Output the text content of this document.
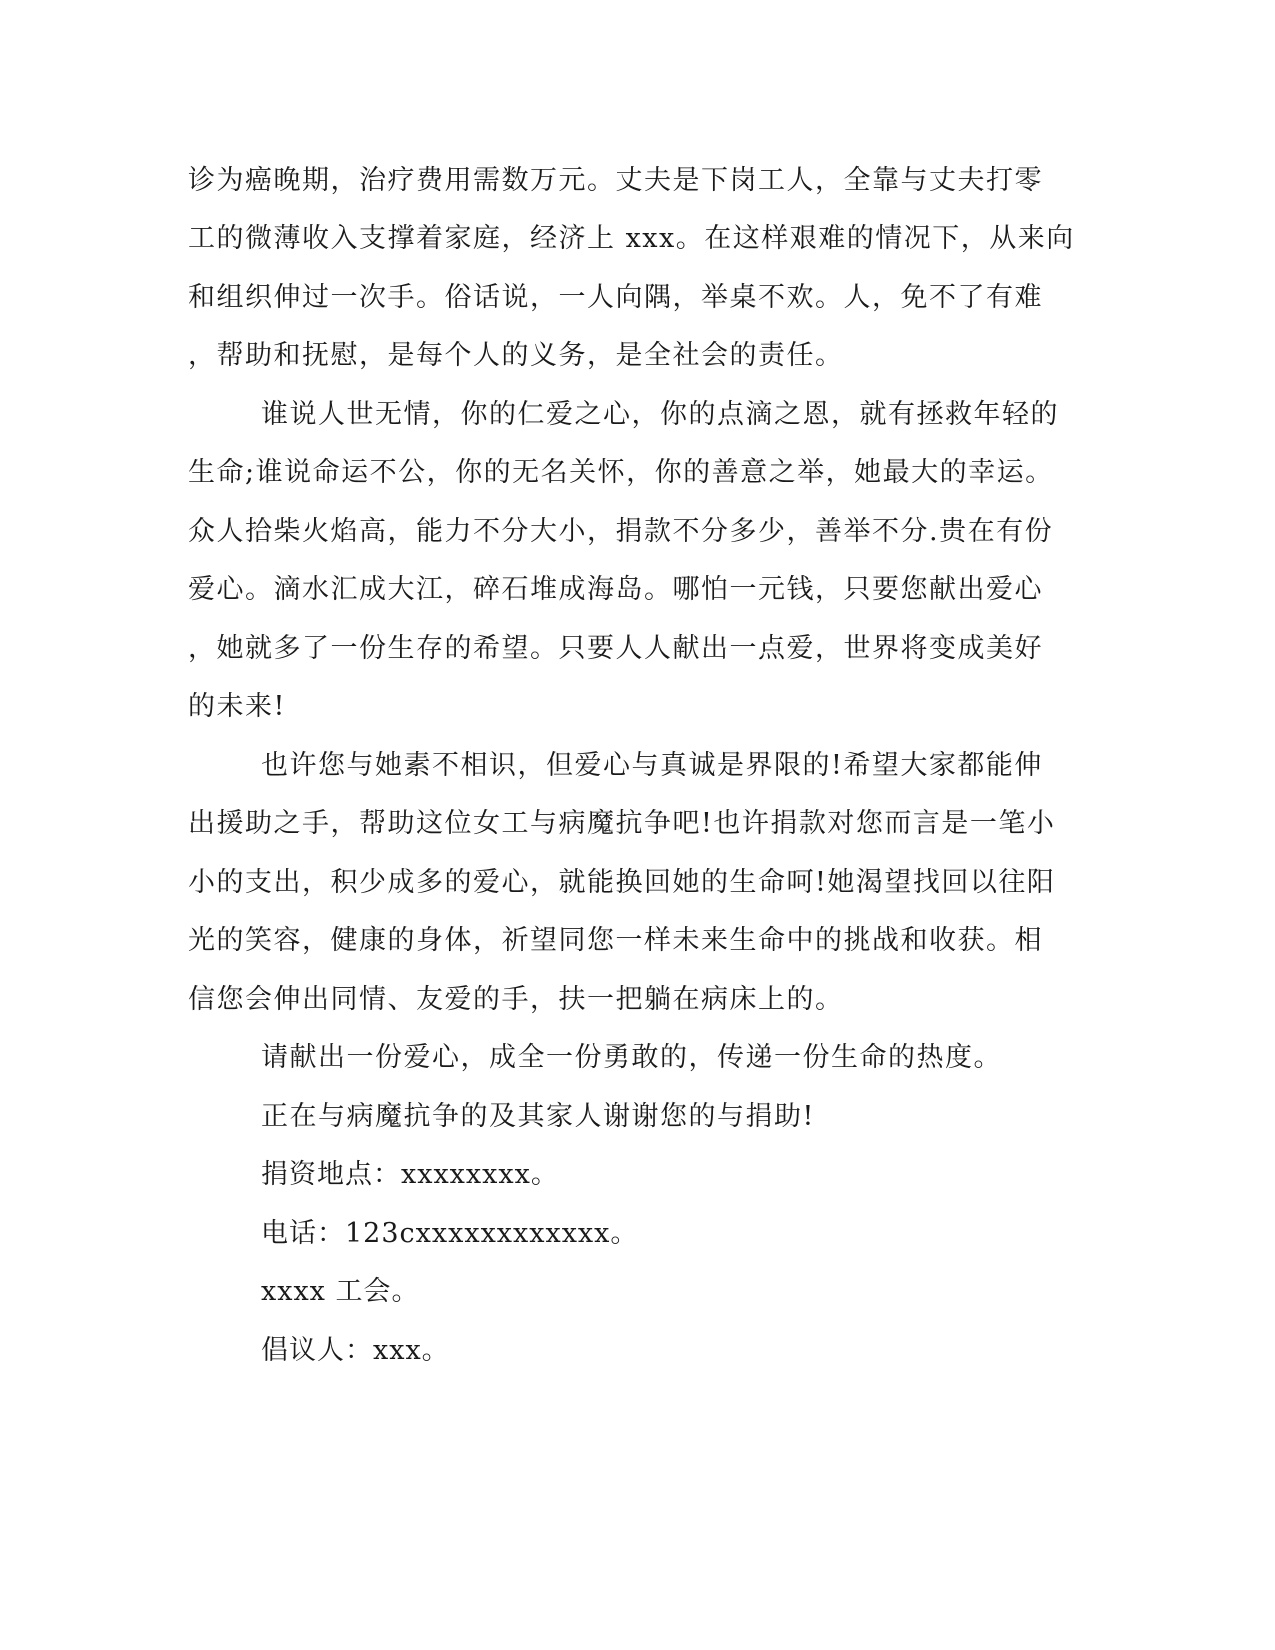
诊为癌晚期，治疗费用需数万元。丈夫是下岗工人，全靠与丈夫打零
工的微薄收入支撑着家庭，经济上 xxx。在这样艰难的情况下，从来向
和组织伸过一次手。俗话说，一人向隅，举桌不欢。人，免不了有难
，帮助和抚慰，是每个人的义务，是全社会的责任。
谁说人世无情，你的仁爱之心，你的点滴之恩，就有拯救年轻的
生命;谁说命运不公，你的无名关怀，你的善意之举，她最大的幸运。
众人拾柴火焰高，能力不分大小，捐款不分多少，善举不分.贵在有份
爱心。滴水汇成大江，碎石堆成海岛。哪怕一元钱，只要您献出爱心
，她就多了一份生存的希望。只要人人献出一点爱，世界将变成美好
的未来!
也许您与她素不相识，但爱心与真诚是界限的!希望大家都能伸
出援助之手，帮助这位女工与病魔抗争吧!也许捐款对您而言是一笔小
小的支出，积少成多的爱心，就能换回她的生命呵!她渴望找回以往阳
光的笑容，健康的身体，祈望同您一样未来生命中的挑战和收获。相
信您会伸出同情、友爱的手，扶一把躺在病床上的。
请献出一份爱心，成全一份勇敢的，传递一份生命的热度。
正在与病魔抗争的及其家人谢谢您的与捐助!
捐资地点：xxxxxxxx。
电话：123cxxxxxxxxxxxx。
xxxx 工会。
倡议人：xxx。
